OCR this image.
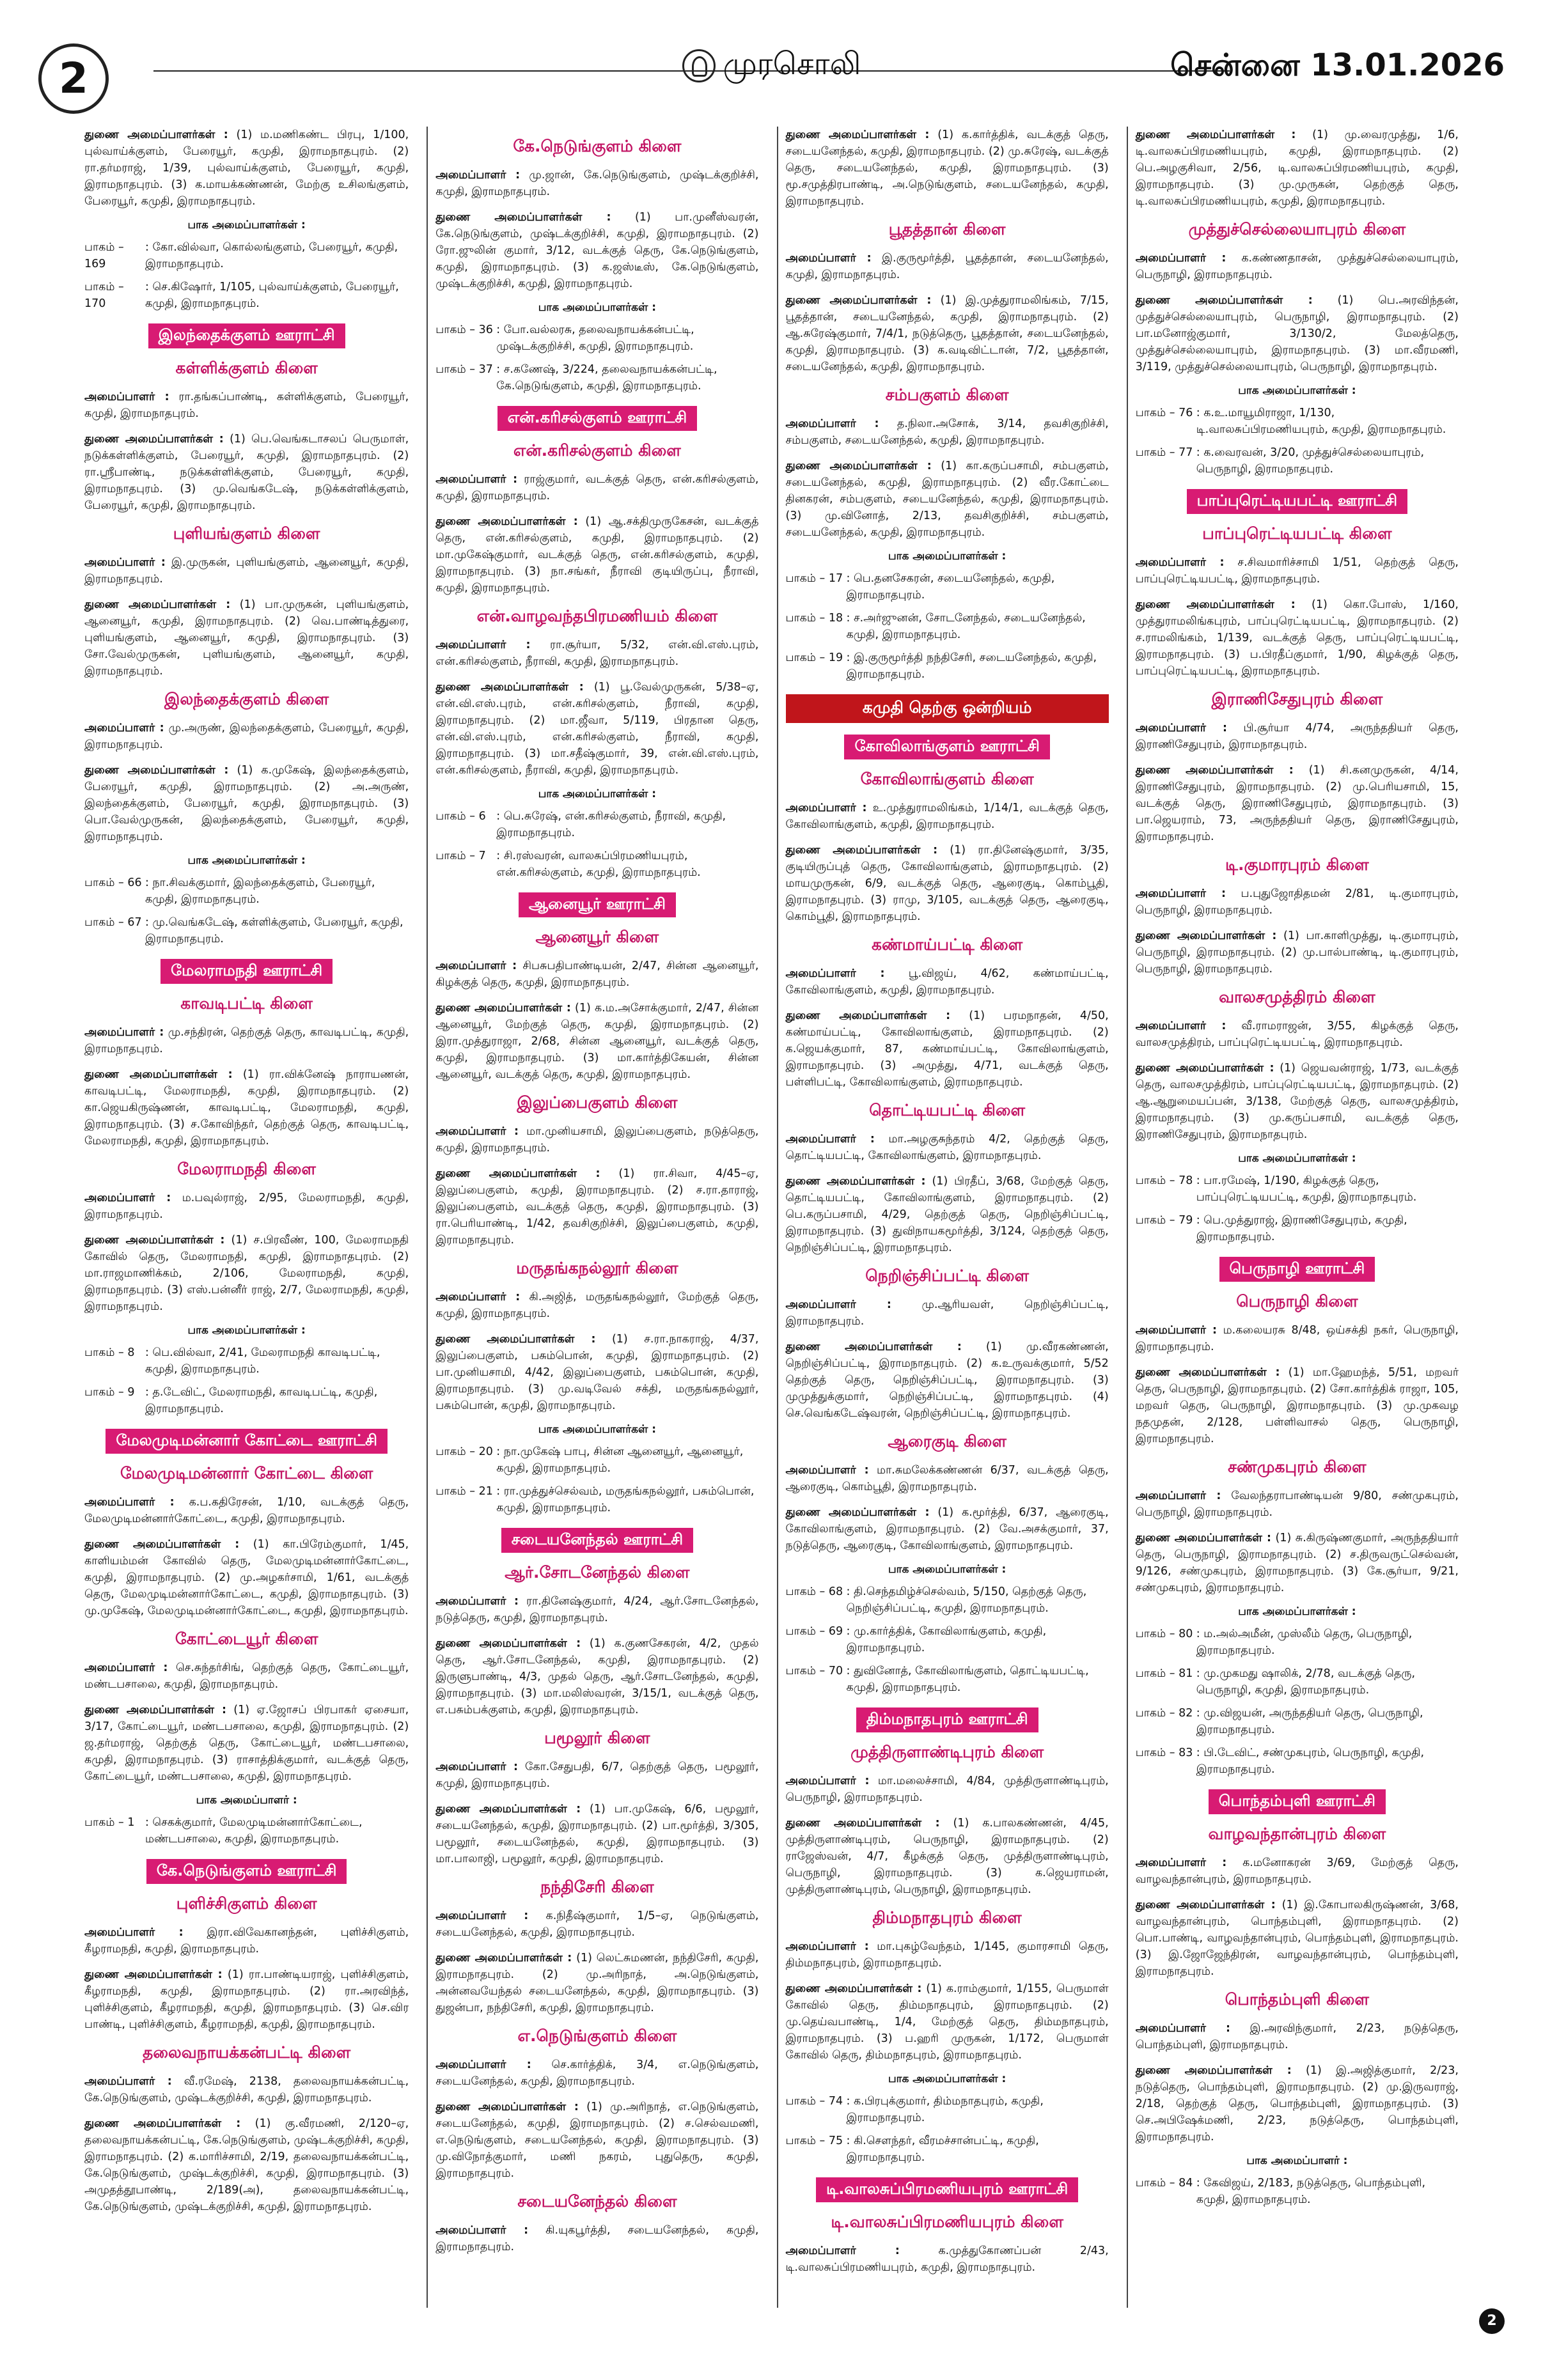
2	முரசொலி	சென்னை 13.01.2026

துணை அமைப்பாளர்கள் : (1) ம.மணிகண்ட பிரபு, 1/100, புல்வாய்க்குளம், பேரையூர், கமுதி, இராமநாதபுரம். (2) ரா.தர்மராஜ், 1/39, புல்வாய்க்குளம், பேரையூர், கமுதி, இராமநாதபுரம். (3) க.மாயக்கண்ணன், மேற்கு உசிலங்குளம், பேரையூர், கமுதி, இராமநாதபுரம்.

பாக அமைப்பாளர்கள் :
பாகம் – 169
: கோ.வில்வா, கொல்லங்குளம், பேரையூர், கமுதி, இராமநாதபுரம்.
பாகம் – 170
: செ.கிஷோர், 1/105, புல்வாய்க்குளம், பேரையூர், கமுதி, இராமநாதபுரம்.
இலந்தைக்குளம் ஊராட்சி
கள்ளிக்குளம் கிளை

அமைப்பாளர் : ரா.தங்கப்பாண்டி, கள்ளிக்குளம், பேரையூர், கமுதி, இராமநாதபுரம்.

துணை அமைப்பாளர்கள் : (1) பெ.வெங்கடாசலப் பெருமாள், நடுக்கள்ளிக்குளம், பேரையூர், கமுதி, இராமநாதபுரம். (2) ரா.ஸ்ரீபாண்டி, நடுக்கள்ளிக்குளம், பேரையூர், கமுதி, இராமநாதபுரம். (3) மு.வெங்கடேஷ், நடுக்கள்ளிக்குளம், பேரையூர், கமுதி, இராமநாதபுரம்.

புளியங்குளம் கிளை

அமைப்பாளர் : இ.முருகன், புளியங்குளம், ஆனையூர், கமுதி, இராமநாதபுரம்.

துணை அமைப்பாளர்கள் : (1) பா.முருகன், புளியங்குளம், ஆனையூர், கமுதி, இராமநாதபுரம். (2) வெ.பாண்டித்துரை, புளியங்குளம், ஆனையூர், கமுதி, இராமநாதபுரம். (3) சோ.வேல்முருகன், புளியங்குளம், ஆனையூர், கமுதி, இராமநாதபுரம்.

இலந்தைக்குளம் கிளை

அமைப்பாளர் : மு.அருண், இலந்தைக்குளம், பேரையூர், கமுதி, இராமநாதபுரம்.

துணை அமைப்பாளர்கள் : (1) க.முகேஷ், இலந்தைக்குளம், பேரையூர், கமுதி, இராமநாதபுரம். (2) அ.அருண், இலந்தைக்குளம், பேரையூர், கமுதி, இராமநாதபுரம். (3) பொ.வேல்முருகன், இலந்தைக்குளம், பேரையூர், கமுதி, இராமநாதபுரம்.

பாக அமைப்பாளர்கள் :
பாகம் – 66 : நா.சிவக்குமார், இலந்தைக்குளம், பேரையூர், கமுதி, இராமநாதபுரம்.
பாகம் – 67 : மு.வெங்கடேஷ், கள்ளிக்குளம், பேரையூர், கமுதி, இராமநாதபுரம்.
மேலராமநதி ஊராட்சி
காவடிபட்டி கிளை

அமைப்பாளர் : மு.சந்திரன், தெற்குத் தெரு, காவடிபட்டி, கமுதி, இராமநாதபுரம்.

துணை அமைப்பாளர்கள் : (1) ரா.விக்னேஷ் நாராயணன், காவடிபட்டி, மேலராமநதி, கமுதி, இராமநாதபுரம். (2) கா.ஜெயகிருஷ்ணன், காவடிபட்டி, மேலராமநதி, கமுதி, இராமநாதபுரம். (3) ச.கோவிந்தர், தெற்குத் தெரு, காவடிபட்டி, மேலராமநதி, கமுதி, இராமநாதபுரம்.

மேலராமநதி கிளை

அமைப்பாளர் : ம.பவுல்ராஜ், 2/95, மேலராமநதி, கமுதி, இராமநாதபுரம்.

துணை அமைப்பாளர்கள் : (1) ச.பிரவீண், 100, மேலராமநதி கோவில் தெரு, மேலராமநதி, கமுதி, இராமநாதபுரம். (2) மா.ராஜமாணிக்கம், 2/106, மேலராமநதி, கமுதி, இராமநாதபுரம். (3) எஸ்.பன்னீர் ராஜ், 2/7, மேலராமநதி, கமுதி, இராமநாதபுரம்.

பாக அமைப்பாளர்கள் :
பாகம் – 8 : பெ.வில்வா, 2/41, மேலராமநதி காவடிபட்டி, கமுதி, இராமநாதபுரம்.
பாகம் – 9 : த.டேவிட், மேலராமநதி, காவடிபட்டி, கமுதி, இராமநாதபுரம்.
மேலமுடிமன்னார் கோட்டை ஊராட்சி
மேலமுடிமன்னார் கோட்டை கிளை

அமைப்பாளர் : க.ப.கதிரேசன், 1/10, வடக்குத் தெரு, மேலமுடிமன்னார்கோட்டை, கமுதி, இராமநாதபுரம்.

துணை அமைப்பாளர்கள் : (1) கா.பிரேம்குமார், 1/45, காளியம்மன் கோவில் தெரு, மேலமுடிமன்னார்கோட்டை, கமுதி, இராமநாதபுரம். (2) மு.அழகர்சாமி, 1/61, வடக்குத் தெரு, மேலமுடிமன்னார்கோட்டை, கமுதி, இராமநாதபுரம். (3) மு.முகேஷ், மேலமுடிமன்னார்கோட்டை, கமுதி, இராமநாதபுரம்.

கோட்டையூர் கிளை

அமைப்பாளர் : செ.சுந்தர்சிங், தெற்குத் தெரு, கோட்டையூர், மண்டபசாலை, கமுதி, இராமநாதபுரம்.

துணை அமைப்பாளர்கள் : (1) ஏ.ஜோசப் பிரபாகர் ஏசையா, 3/17, கோட்டையூர், மண்டபசாலை, கமுதி, இராமநாதபுரம். (2) ஜ.தர்மராஜ், தெற்குத் தெரு, கோட்டையூர், மண்டபசாலை, கமுதி, இராமநாதபுரம். (3) ராசாத்திக்குமார், வடக்குத் தெரு, கோட்டையூர், மண்டபசாலை, கமுதி, இராமநாதபுரம்.

பாக அமைப்பாளர் :
பாகம் – 1 : செகக்குமார், மேலமுடிமன்னார்கோட்டை, மண்டபசாலை, கமுதி, இராமநாதபுரம்.
கே.நெடுங்குளம் ஊராட்சி
புளிச்சிகுளம் கிளை

அமைப்பாளர் : இரா.விவேகானந்தன், புளிச்சிகுளம், கீழராமநதி, கமுதி, இராமநாதபுரம்.

துணை அமைப்பாளர்கள் : (1) ரா.பாண்டியராஜ், புளிச்சிகுளம், கீழராமநதி, கமுதி, இராமநாதபுரம். (2) ரா.அரவிந்த், புளிச்சிகுளம், கீழராமநதி, கமுதி, இராமநாதபுரம். (3) செ.விர பாண்டி, புளிச்சிகுளம், கீழராமநதி, கமுதி, இராமநாதபுரம்.

தலைவநாயக்கன்பட்டி கிளை

அமைப்பாளர் : வீ.ரமேஷ், 2138, தலைவநாயக்கன்பட்டி, கே.நெடுங்குளம், முஷ்டக்குறிச்சி, கமுதி, இராமநாதபுரம்.

துணை அமைப்பாளர்கள் : (1) கு.வீரமணி, 2/120–ஏ, தலைவநாயக்கன்பட்டி, கே.நெடுங்குளம், முஷ்டக்குறிச்சி, கமுதி, இராமநாதபுரம். (2) க.மாரிச்சாமி, 2/19, தலைவநாயக்கன்பட்டி, கே.நெடுங்குளம், முஷ்டக்குறிச்சி, கமுதி, இராமநாதபுரம். (3) அமுதத்தூபாண்டி, 2/189(அ), தலைவநாயக்கன்பட்டி, கே.நெடுங்குளம், முஷ்டக்குறிச்சி, கமுதி, இராமநாதபுரம்.

கே.நெடுங்குளம் கிளை

அமைப்பாளர் : மு.ஜான், கே.நெடுங்குளம், முஷ்டக்குறிச்சி, கமுதி, இராமநாதபுரம்.

துணை அமைப்பாளர்கள் : (1) பா.முனீஸ்வரன், கே.நெடுங்குளம், முஷ்டக்குறிச்சி, கமுதி, இராமநாதபுரம். (2) ரோ.ஜுலின் குமார், 3/12, வடக்குத் தெரு, கே.நெடுங்குளம், கமுதி, இராமநாதபுரம். (3) க.ஜஸ்டீஸ், கே.நெடுங்குளம், முஷ்டக்குறிச்சி, கமுதி, இராமநாதபுரம்.

பாக அமைப்பாளர்கள் :
பாகம் – 36 : போ.வல்லரசு, தலைவநாயக்கன்பட்டி, முஷ்டக்குறிச்சி, கமுதி, இராமநாதபுரம்.
பாகம் – 37 : ச.கணேஷ், 3/224, தலைவநாயக்கன்பட்டி, கே.நெடுங்குளம், கமுதி, இராமநாதபுரம்.
என்.கரிசல்குளம் ஊராட்சி
என்.கரிசல்குளம் கிளை

அமைப்பாளர் : ராஜ்குமார், வடக்குத் தெரு, என்.கரிசல்குளம், கமுதி, இராமநாதபுரம்.

துணை அமைப்பாளர்கள் : (1) ஆ.சக்திமுருகேசன், வடக்குத் தெரு, என்.கரிசல்குளம், கமுதி, இராமநாதபுரம். (2) மா.முகேஷ்குமார், வடக்குத் தெரு, என்.கரிசல்குளம், கமுதி, இராமநாதபுரம். (3) நா.சங்கர், நீராவி குடியிருப்பு, நீராவி, கமுதி, இராமநாதபுரம்.

என்.வாழவந்தபிரமணியம் கிளை

அமைப்பாளர் : ரா.சூர்யா, 5/32, என்.வி.எஸ்.புரம், என்.கரிசல்குளம், நீராவி, கமுதி, இராமநாதபுரம்.

துணை அமைப்பாளர்கள் : (1) பூ.வேல்முருகன், 5/38–ஏ, என்.வி.எஸ்.புரம், என்.கரிசல்குளம், நீராவி, கமுதி, இராமநாதபுரம். (2) மா.ஜீவா, 5/119, பிரதான தெரு, என்.வி.எஸ்.புரம், என்.கரிசல்குளம், நீராவி, கமுதி, இராமநாதபுரம். (3) மா.சதீஷ்குமார், 39, என்.வி.எஸ்.புரம், என்.கரிசல்குளம், நீராவி, கமுதி, இராமநாதபுரம்.

பாக அமைப்பாளர்கள் :
பாகம் – 6 : பெ.சுரேஷ், என்.கரிசல்குளம், நீராவி, கமுதி, இராமநாதபுரம்.
பாகம் – 7 : சி.ரஸ்வரன், வாலசுப்பிரமணியபுரம், என்.கரிசல்குளம், கமுதி, இராமநாதபுரம்.
ஆனையூர் ஊராட்சி
ஆனையூர் கிளை

அமைப்பாளர் : சிபசுபதிபாண்டியன், 2/47, சின்ன ஆனையூர், கிழக்குத் தெரு, கமுதி, இராமநாதபுரம்.

துணை அமைப்பாளர்கள் : (1) க.ம.அசோக்குமார், 2/47, சின்ன ஆனையூர், மேற்குத் தெரு, கமுதி, இராமநாதபுரம். (2) இரா.முத்துராஜா, 2/68, சின்ன ஆனையூர், வடக்குத் தெரு, கமுதி, இராமநாதபுரம். (3) மா.கார்த்திகேயன், சின்ன ஆனையூர், வடக்குத் தெரு, கமுதி, இராமநாதபுரம்.

இலுப்பைகுளம் கிளை

அமைப்பாளர் : மா.முனியசாமி, இலுப்பைகுளம், நடுத்தெரு, கமுதி, இராமநாதபுரம்.

துணை அமைப்பாளர்கள் : (1) ரா.சிவா, 4/45–ஏ, இலுப்பைகுளம், கமுதி, இராமநாதபுரம். (2) ச.ரா.தாராஜ், இலுப்பைகுளம், வடக்குத் தெரு, கமுதி, இராமநாதபுரம். (3) ரா.பெரியாண்டி, 1/42, தவசிகுறிச்சி, இலுப்பைகுளம், கமுதி, இராமநாதபுரம்.

மருதங்கநல்லூர் கிளை

அமைப்பாளர் : கி.அஜித், மருதங்கநல்லூர், மேற்குத் தெரு, கமுதி, இராமநாதபுரம்.

துணை அமைப்பாளர்கள் : (1) ச.ரா.நாகராஜ், 4/37, இலுப்பைகுளம், பசும்பொன், கமுதி, இராமநாதபுரம். (2) பா.முனியசாமி, 4/42, இலுப்பைகுளம், பசும்பொன், கமுதி, இராமநாதபுரம். (3) மு.வடிவேல் சக்தி, மருதங்கநல்லூர், பசும்பொன், கமுதி, இராமநாதபுரம்.

பாக அமைப்பாளர்கள் :
பாகம் – 20 : நா.முகேஷ் பாபு, சின்ன ஆனையூர், ஆனையூர், கமுதி, இராமநாதபுரம்.
பாகம் – 21 : ரா.முத்துச்செல்வம், மருதங்கநல்லூர், பசும்பொன், கமுதி, இராமநாதபுரம்.
சடையனேந்தல் ஊராட்சி
ஆர்.சோடனேந்தல் கிளை

அமைப்பாளர் : ரா.தினேஷ்குமார், 4/24, ஆர்.சோடனேந்தல், நடுத்தெரு, கமுதி, இராமநாதபுரம்.

துணை அமைப்பாளர்கள் : (1) க.குணசேகரன், 4/2, முதல் தெரு, ஆர்.சோடனேந்தல், கமுதி, இராமநாதபுரம். (2) இருளுபாண்டி, 4/3, முதல் தெரு, ஆர்.சோடனேந்தல், கமுதி, இராமநாதபுரம். (3) மா.மலிஸ்வரன், 3/15/1, வடக்குத் தெரு, எ.பசும்பக்குளம், கமுதி, இராமநாதபுரம்.

பமூலூர் கிளை

அமைப்பாளர் : கோ.சேதுபதி, 6/7, தெற்குத் தெரு, பமூலூர், கமுதி, இராமநாதபுரம்.

துணை அமைப்பாளர்கள் : (1) பா.முகேஷ், 6/6, பமூலூர், சடையனேந்தல், கமுதி, இராமநாதபுரம். (2) பா.மூர்த்தி, 3/305, பமூலூர், சடையனேந்தல், கமுதி, இராமநாதபுரம். (3) மா.பாலாஜி, பமூலூர், கமுதி, இராமநாதபுரம்.

நந்திசேரி கிளை

அமைப்பாளர் : க.நிதீஷ்குமார், 1/5–ஏ, நெடுங்குளம், சடையனேந்தல், கமுதி, இராமநாதபுரம்.

துணை அமைப்பாளர்கள் : (1) லெட்சுமணன், நந்திசேரி, கமுதி, இராமநாதபுரம். (2) மு.அரிநாத், அ.நெடுங்குளம், அன்னவயேந்தல் சடையனேந்தல், கமுதி, இராமநாதபுரம். (3) துஜன்பா, நந்திசேரி, கமுதி, இராமநாதபுரம்.

எ.நெடுங்குளம் கிளை

அமைப்பாளர் : செ.கார்த்திக், 3/4, எ.நெடுங்குளம், சடையனேந்தல், கமுதி, இராமநாதபுரம்.

துணை அமைப்பாளர்கள் : (1) மு.அரிநாத், எ.நெடுங்குளம், சடையனேந்தல், கமுதி, இராமநாதபுரம். (2) ச.செல்வமணி, எ.நெடுங்குளம், சடையனேந்தல், கமுதி, இராமநாதபுரம். (3) மு.விநோத்குமார், மணி நகரம், புதுதெரு, கமுதி, இராமநாதபுரம்.

சடையனேந்தல் கிளை

அமைப்பாளர் : கி.யுகபூர்த்தி, சடையனேந்தல், கமுதி, இராமநாதபுரம்.

துணை அமைப்பாளர்கள் : (1) க.கார்த்திக், வடக்குத் தெரு, சடையனேந்தல், கமுதி, இராமநாதபுரம். (2) மு.சுரேஷ், வடக்குத் தெரு, சடையனேந்தல், கமுதி, இராமநாதபுரம். (3) மூ.சமுத்திரபாண்டி, அ.நெடுங்குளம், சடையனேந்தல், கமுதி, இராமநாதபுரம்.

பூதத்தான் கிளை

அமைப்பாளர் : இ.குருமூர்த்தி, பூதத்தான், சடையனேந்தல், கமுதி, இராமநாதபுரம்.

துணை அமைப்பாளர்கள் : (1) இ.முத்துராமலிங்கம், 7/15, பூதத்தான், சடையனேந்தல், கமுதி, இராமநாதபுரம். (2) ஆ.சுரேஷ்குமார், 7/4/1, நடுத்தெரு, பூதத்தான், சடையனேந்தல், கமுதி, இராமநாதபுரம். (3) க.வடிவிட்டான், 7/2, பூதத்தான், சடையனேந்தல், கமுதி, இராமநாதபுரம்.

சம்பகுளம் கிளை

அமைப்பாளர் : த.நிலா.அசோக், 3/14, தவசிகுறிச்சி, சம்பகுளம், சடையனேந்தல், கமுதி, இராமநாதபுரம்.

துணை அமைப்பாளர்கள் : (1) கா.கருப்பசாமி, சம்பகுளம், சடையனேந்தல், கமுதி, இராமநாதபுரம். (2) வீர.கோட்டை தினகரன், சம்பகுளம், சடையனேந்தல், கமுதி, இராமநாதபுரம். (3) மு.வினோத், 2/13, தவசிகுறிச்சி, சம்பகுளம், சடையனேந்தல், கமுதி, இராமநாதபுரம்.

பாக அமைப்பாளர்கள் :
பாகம் – 17 : பெ.தனசேகரன், சடையனேந்தல், கமுதி, இராமநாதபுரம்.
பாகம் – 18 : ச.அர்ஜுனன், சோடனேந்தல், சடையனேந்தல், கமுதி, இராமநாதபுரம்.
பாகம் – 19 : இ.குருமூர்த்தி நந்திசேரி, சடையனேந்தல், கமுதி, இராமநாதபுரம்.
கமுதி தெற்கு ஒன்றியம்
கோவிலாங்குளம் ஊராட்சி
கோவிலாங்குளம் கிளை

அமைப்பாளர் : உ.முத்துராமலிங்கம், 1/14/1, வடக்குத் தெரு, கோவிலாங்குளம், கமுதி, இராமநாதபுரம்.

துணை அமைப்பாளர்கள் : (1) ரா.தினேஷ்குமார், 3/35, குடியிருப்புத் தெரு, கோவிலாங்குளம், இராமநாதபுரம். (2) மாயமுருகன், 6/9, வடக்குத் தெரு, ஆரைகுடி, கொம்பூதி, இராமநாதபுரம். (3) ராமு, 3/105, வடக்குத் தெரு, ஆரைகுடி, கொம்பூதி, இராமநாதபுரம்.

கண்மாய்பட்டி கிளை

அமைப்பாளர் : பூ.விஜய், 4/62, கண்மாய்பட்டி, கோவிலாங்குளம், கமுதி, இராமநாதபுரம்.

துணை அமைப்பாளர்கள் : (1) பரமநாதன், 4/50, கண்மாய்பட்டி, கோவிலாங்குளம், இராமநாதபுரம். (2) க.ஜெயக்குமார், 87, கண்மாய்பட்டி, கோவிலாங்குளம், இராமநாதபுரம். (3) அமுத்து, 4/71, வடக்குத் தெரு, பள்ளிபட்டி, கோவிலாங்குளம், இராமநாதபுரம்.

தொட்டியபட்டி கிளை

அமைப்பாளர் : மா.அழகுசுந்தரம் 4/2, தெற்குத் தெரு, தொட்டியபட்டி, கோவிலாங்குளம், இராமநாதபுரம்.

துணை அமைப்பாளர்கள் : (1) பிரதீப், 3/68, மேற்குத் தெரு, தொட்டியபட்டி, கோவிலாங்குளம், இராமநாதபுரம். (2) பெ.கருப்பசாமி, 4/29, தெற்குத் தெரு, நெறிஞ்சிப்பட்டி, இராமநாதபுரம். (3) துவிநாயகமூர்த்தி, 3/124, தெற்குத் தெரு, நெறிஞ்சிப்பட்டி, இராமநாதபுரம்.

நெறிஞ்சிப்பட்டி கிளை

அமைப்பாளர் :	மு.ஆரியவள், நெறிஞ்சிப்பட்டி, இராமநாதபுரம்.

துணை அமைப்பாளர்கள் : (1) மு.வீரகண்ணன், நெறிஞ்சிப்பட்டி, இராமநாதபுரம். (2) க.உருவக்குமார், 5/52 தெற்குத் தெரு, நெறிஞ்சிப்பட்டி, இராமநாதபுரம். (3) முமுத்துக்குமார், நெறிஞ்சிப்பட்டி, இராமநாதபுரம். (4) செ.வெங்கடேஷ்வரன், நெறிஞ்சிப்பட்டி, இராமநாதபுரம்.

ஆரைகுடி கிளை

அமைப்பாளர் : மா.சுமலேக்கண்ணன் 6/37, வடக்குத் தெரு, ஆரைகுடி, கொம்பூதி, இராமநாதபுரம்.

துணை அமைப்பாளர்கள் : (1) க.மூர்த்தி, 6/37, ஆரைகுடி, கோவிலாங்குளம், இராமநாதபுரம். (2) வே.அசக்குமார், 37, நடுத்தெரு, ஆரைகுடி, கோவிலாங்குளம், இராமநாதபுரம்.

பாக அமைப்பாளர்கள் :
பாகம் – 68 : தி.செந்தமிழ்ச்செல்வம், 5/150, தெற்குத் தெரு, நெறிஞ்சிப்பட்டி, கமுதி, இராமநாதபுரம்.
பாகம் – 69 : மு.கார்த்திக், கோவிலாங்குளம், கமுதி, இராமநாதபுரம்.
பாகம் – 70 : துவினோத், கோவிலாங்குளம், தொட்டியபட்டி, கமுதி, இராமநாதபுரம்.
திம்மநாதபுரம் ஊராட்சி
முத்திருளாண்டிபுரம் கிளை

அமைப்பாளர் : மா.மலைச்சாமி, 4/84, முத்திருளாண்டிபுரம், பெருநாழி, இராமநாதபுரம்.

துணை அமைப்பாளர்கள் : (1) க.பாலகண்ணன், 4/45, முத்திருளாண்டிபுரம், பெருநாழி, இராமநாதபுரம். (2) ராஜேஸ்வன், 4/7, கீழக்குத் தெரு, முத்திருளாண்டிபுரம், பெருநாழி, இராமநாதபுரம். (3) க.ஜெயராமன், முத்திருளாண்டிபுரம், பெருநாழி, இராமநாதபுரம்.

திம்மநாதபுரம் கிளை

அமைப்பாளர் : மா.புகழ்வேந்தம், 1/145, குமாரசாமி தெரு, திம்மநாதபுரம், இராமநாதபுரம்.

துணை அமைப்பாளர்கள் : (1) க.ராம்குமார், 1/155, பெருமாள் கோவில் தெரு, திம்மநாதபுரம், இராமநாதபுரம். (2) மு.தெய்வபாண்டி, 1/4, மேற்குத் தெரு, திம்மநாதபுரம், இராமநாதபுரம். (3) ப.ஹரி முருகன், 1/172, பெருமாள் கோவில் தெரு, திம்மநாதபுரம், இராமநாதபுரம்.

பாக அமைப்பாளர்கள் :
பாகம் – 74 : க.பிரபுக்குமார், திம்மநாதபுரம், கமுதி, இராமநாதபுரம்.
பாகம் – 75 : கி.சௌந்தர், வீரமச்சான்பட்டி, கமுதி, இராமநாதபுரம்.
டி.வாலசுப்பிரமணியபுரம் ஊராட்சி
டி.வாலசுப்பிரமணியபுரம் கிளை

அமைப்பாளர் :	க.முத்துகோணப்பன் 2/43, டி.வாலசுப்பிரமணியபுரம், கமுதி, இராமநாதபுரம்.

துணை அமைப்பாளர்கள் : (1) மு.வைரமுத்து, 1/6, டி.வாலசுப்பிரமணியபுரம், கமுதி, இராமநாதபுரம். (2) பெ.அழகுசிவா, 2/56, டி.வாலசுப்பிரமணியபுரம், கமுதி, இராமநாதபுரம். (3) மு.முருகன், தெற்குத் தெரு, டி.வாலசுப்பிரமணியபுரம், கமுதி, இராமநாதபுரம்.

முத்துச்செல்லையாபுரம் கிளை

அமைப்பாளர் : க.கண்ணதாசன், முத்துச்செல்லையாபுரம், பெருநாழி, இராமநாதபுரம்.

துணை அமைப்பாளர்கள் : (1) பெ.அரவிந்தன், முத்துச்செல்லையாபுரம், பெருநாழி, இராமநாதபுரம். (2) பா.மனோஜ்குமார், 3/130/2, மேலத்தெரு, முத்துச்செல்லையாபுரம், இராமநாதபுரம். (3) மா.வீரமணி, 3/119, முத்துச்செல்லையாபுரம், பெருநாழி, இராமநாதபுரம்.

பாக அமைப்பாளர்கள் :
பாகம் – 76 : க.உ.மாயூமிராஜா, 1/130, டி.வாலசுப்பிரமணியபுரம், கமுதி, இராமநாதபுரம்.
பாகம் – 77 : க.வைரவன், 3/20, முத்துச்செல்லையாபுரம், பெருநாழி, இராமநாதபுரம்.
பாப்புரெட்டியபட்டி ஊராட்சி
பாப்புரெட்டியபட்டி கிளை

அமைப்பாளர் : ச.சிவமாரிச்சாமி 1/51, தெற்குத் தெரு, பாப்புரெட்டியபட்டி, இராமநாதபுரம்.

துணை அமைப்பாளர்கள் : (1) கொ.போஸ், 1/160, முத்துராமலிங்கபுரம், பாப்புரெட்டியபட்டி, இராமநாதபுரம். (2) ச.ராமலிங்கம், 1/139, வடக்குத் தெரு, பாப்புரெட்டியபட்டி, இராமநாதபுரம். (3) ப.பிரதீப்குமார், 1/90, கிழக்குத் தெரு, பாப்புரெட்டியபட்டி, இராமநாதபுரம்.

இராணிசேதுபுரம் கிளை

அமைப்பாளர் : பி.சூர்யா 4/74, அருந்ததியர் தெரு, இராணிசேதுபுரம், இராமநாதபுரம்.

துணை அமைப்பாளர்கள் : (1) சி.கனமுருகன், 4/14, இராணிசேதுபுரம், இராமநாதபுரம். (2) மு.பெரியசாமி, 15, வடக்குத் தெரு, இராணிசேதுபுரம், இராமநாதபுரம். (3) பா.ஜெயராம், 73, அருந்ததியர் தெரு, இராணிசேதுபுரம், இராமநாதபுரம்.

டி.குமாரபுரம் கிளை

அமைப்பாளர் : ப.புதுஜோதிதமன் 2/81, டி.குமாரபுரம், பெருநாழி, இராமநாதபுரம்.

துணை அமைப்பாளர்கள் : (1) பா.காளிமுத்து, டி.குமாரபுரம், பெருநாழி, இராமநாதபுரம். (2) மு.பால்பாண்டி, டி.குமாரபுரம், பெருநாழி, இராமநாதபுரம்.

வாலசமுத்திரம் கிளை

அமைப்பாளர் : வீ.ராமராஜன், 3/55, கிழக்குத் தெரு, வாலசமுத்திரம், பாப்புரெட்டியபட்டி, இராமநாதபுரம்.

துணை அமைப்பாளர்கள் : (1) ஜெயவன்ராஜ், 1/73, வடக்குத் தெரு, வாலசமுத்திரம், பாப்புரெட்டியபட்டி, இராமநாதபுரம். (2) ஆ.ஆறுமையப்பன், 3/138, மேற்குத் தெரு, வாலசமுத்திரம், இராமநாதபுரம். (3) மு.கருப்பசாமி, வடக்குத் தெரு, இராணிசேதுபுரம், இராமநாதபுரம்.

பாக அமைப்பாளர்கள் :
பாகம் – 78 : பா.ரமேஷ், 1/190, கிழக்குத் தெரு, பாப்புரெட்டியபட்டி, கமுதி, இராமநாதபுரம்.
பாகம் – 79 : பெ.முத்துராஜ், இராணிசேதுபுரம், கமுதி, இராமநாதபுரம்.
பெருநாழி ஊராட்சி
பெருநாழி கிளை

அமைப்பாளர் : ம.கலையரசு 8/48, ஒய்சக்தி நகர், பெருநாழி, இராமநாதபுரம்.

துணை அமைப்பாளர்கள் : (1) மா.ஹேமந்த், 5/51, மறவர் தெரு, பெருநாழி, இராமநாதபுரம். (2) சோ.கார்த்திக் ராஜா, 105, மறவர் தெரு, பெருநாழி, இராமநாதபுரம். (3) மு.முகவழ நதமுதன், 2/128, பள்ளிவாசல் தெரு, பெருநாழி, இராமநாதபுரம்.

சண்முகபுரம் கிளை

அமைப்பாளர் : வேலந்தராபாண்டியன் 9/80, சண்முகபுரம், பெருநாழி, இராமநாதபுரம்.

துணை அமைப்பாளர்கள் : (1) சு.கிருஷ்ணகுமார், அருந்ததியார் தெரு, பெருநாழி, இராமநாதபுரம். (2) ச.திருவருட்செல்வன், 9/126, சண்முகபுரம், இராமநாதபுரம். (3) கே.சூர்யா, 9/21, சண்முகபுரம், இராமநாதபுரம்.

பாக அமைப்பாளர்கள் :
பாகம் – 80 : ம.அல்அமீன், முஸ்லீம் தெரு, பெருநாழி, இராமநாதபுரம்.
பாகம் – 81 : மு.முகமது ஷாலிக், 2/78, வடக்குத் தெரு, பெருநாழி, கமுதி, இராமநாதபுரம்.
பாகம் – 82 : மு.விஜயன், அருந்ததியர் தெரு, பெருநாழி, இராமநாதபுரம்.
பாகம் – 83 : பி.டேவிட், சண்முகபுரம், பெருநாழி, கமுதி, இராமநாதபுரம்.
பொந்தம்புளி ஊராட்சி
வாழவந்தான்புரம் கிளை

அமைப்பாளர் : க.மனோகரன் 3/69, மேற்குத் தெரு, வாழவந்தான்புரம், இராமநாதபுரம்.

துணை அமைப்பாளர்கள் : (1) இ.கோபாலகிருஷ்ணன், 3/68, வாழவந்தான்புரம், பொந்தம்புளி, இராமநாதபுரம். (2) பொ.பாண்டி, வாழவந்தான்புரம், பொந்தம்புளி, இராமநாதபுரம். (3) இ.ஜோஜேந்திரன், வாழவந்தான்புரம், பொந்தம்புளி, இராமநாதபுரம்.

பொந்தம்புளி கிளை

அமைப்பாளர் : இ.அரவிந்குமார், 2/23, நடுத்தெரு, பொந்தம்புளி, இராமநாதபுரம்.

துணை அமைப்பாளர்கள் : (1) இ.அஜித்குமார், 2/23, நடுத்தெரு, பொந்தம்புளி, இராமநாதபுரம். (2) மு.இருவராஜ், 2/18, தெற்குத் தெரு, பொந்தம்புளி, இராமநாதபுரம். (3) செ.அபிஷேக்மணி, 2/23, நடுத்தெரு, பொந்தம்புளி, இராமநாதபுரம்.

பாக அமைப்பாளர் :
பாகம் – 84 : கேவிஜய், 2/183, நடுத்தெரு, பொந்தம்புளி, கமுதி, இராமநாதபுரம்.
2
